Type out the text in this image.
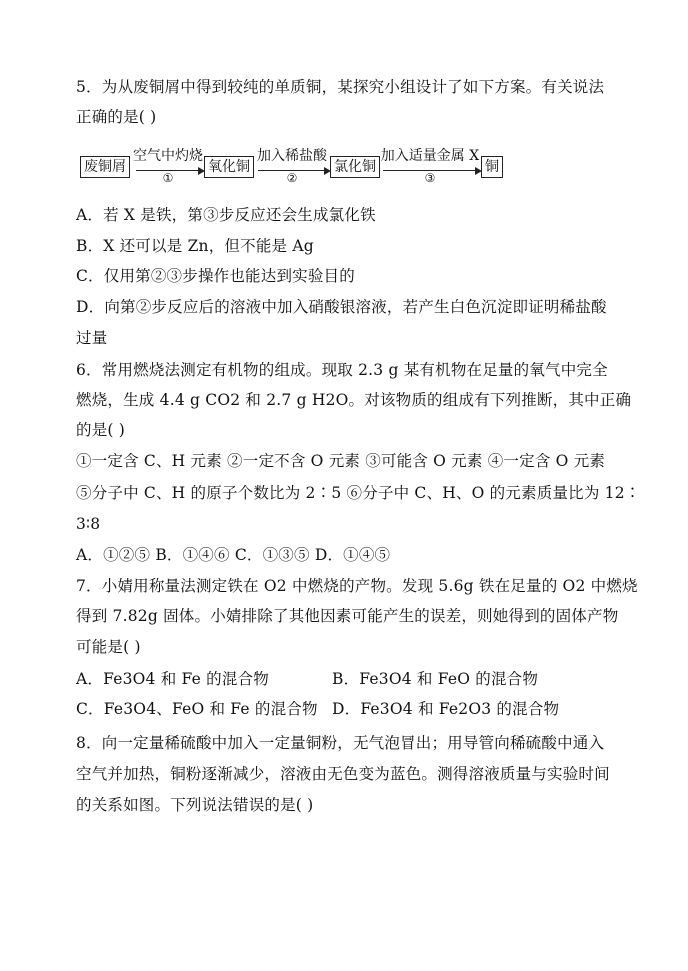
5．为从废铜屑中得到较纯的单质铜，某探究小组设计了如下方案。有关说法
正确的是( )
废铜屑
空气中灼烧
①
氧化铜
加入稀盐酸
②
氯化铜
加入适量金属 X
③
铜
A．若 X 是铁，第③步反应还会生成氯化铁
B．X 还可以是 Zn，但不能是 Ag
C．仅用第②③步操作也能达到实验目的
D．向第②步反应后的溶液中加入硝酸银溶液，若产生白色沉淀即证明稀盐酸
过量
6．常用燃烧法测定有机物的组成。现取 2.3 g 某有机物在足量的氧气中完全
燃烧，生成 4.4 g CO2 和 2.7 g H2O。对该物质的组成有下列推断，其中正确
的是( )
①一定含 C、H 元素 ②一定不含 O 元素 ③可能含 O 元素 ④一定含 O 元素
⑤分子中 C、H 的原子个数比为 2∶5 ⑥分子中 C、H、O 的元素质量比为 12∶
3∶8
A．①②⑤ B．①④⑥ C．①③⑤ D．①④⑤
7．小婧用称量法测定铁在 O2 中燃烧的产物。发现 5.6g 铁在足量的 O2 中燃烧
得到 7.82g 固体。小婧排除了其他因素可能产生的误差，则她得到的固体产物
可能是( )
A．Fe3O4 和 Fe 的混合物	B．Fe3O4 和 FeO 的混合物
C．Fe3O4、FeO 和 Fe 的混合物 D．Fe3O4 和 Fe2O3 的混合物
8．向一定量稀硫酸中加入一定量铜粉，无气泡冒出；用导管向稀硫酸中通入
空气并加热，铜粉逐渐减少，溶液由无色变为蓝色。测得溶液质量与实验时间
的关系如图。下列说法错误的是( )
